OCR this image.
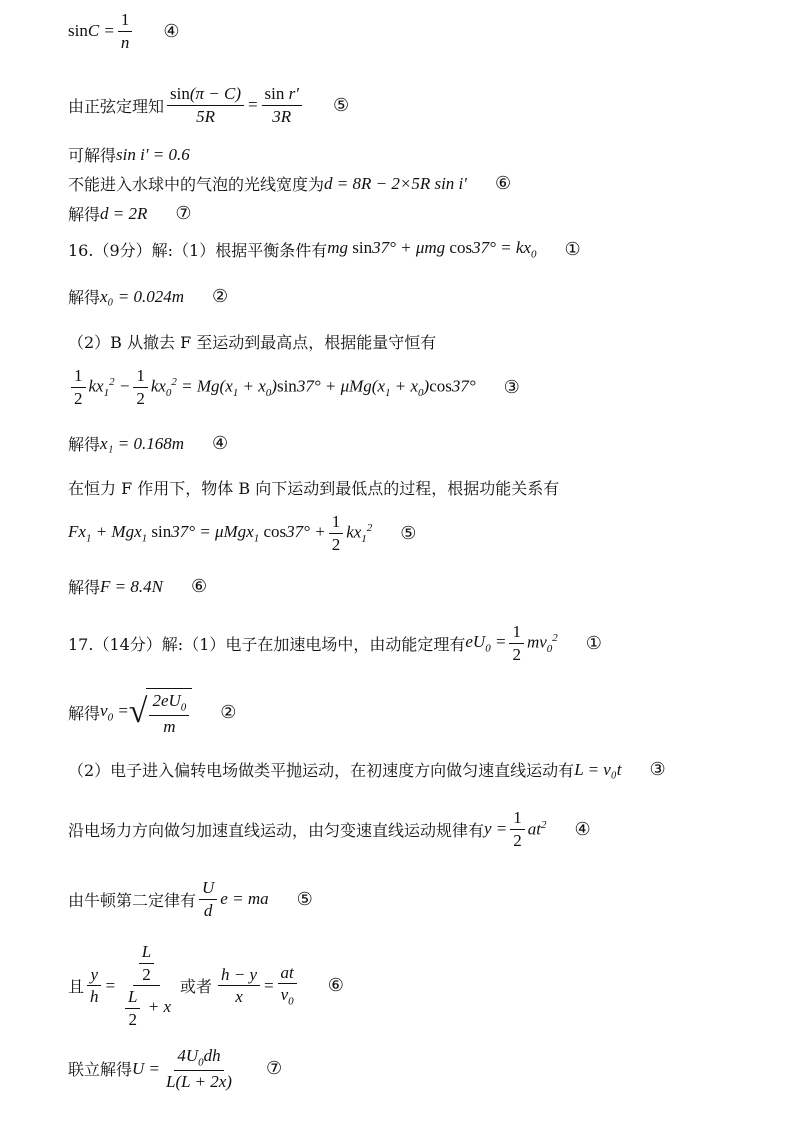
$\sin C = \frac{1}{n}$ ④
由正弦定理知 $\frac{\sin(\pi - C)}{5R} = \frac{\text{sin r′}}{3R}$ ⑤
可解得 sin i′ = 0.6
不能进入水球中的气泡的光线宽度为 d = 8R − 2×5R sin i′ ⑥
解得 d = 2R ⑦
16.（9分）解:（1）根据平衡条件有 mg sin37° + μmg $\cos 37^\circ = kx_0$ ①
解得 x₀ = 0.024m ②
（2）B 从撤去 F 至运动到最高点，根据能量守恒有
$\frac{1}{2} kx_1^2 - \frac{1}{2} kx_0^2 = Mg(x_1 + x_0)\sin 37^\circ + \mu Mg(x_1 + x_0)\cos 37^\circ$ ③
解得 x₁ = 0.168m ④
在恒力 F 作用下，物体 B 向下运动到最低点的过程，根据功能关系有
$Fx_1 + Mgx_1$ sin37° = μMgx$_1$ $\cos 37^\circ + \frac{1}{2} kx_1^2$ ⑤
解得 F = 8.4N ⑥
17.（14分）解:（1）电子在加速电场中，由动能定理有 $eU_0 = \frac{1}{2} mv_0^2$ ①
解得 $v_0$ = √ $\frac{2eU_0}{m}$ ②
（2）电子进入偏转电场做类平抛运动，在初速度方向做匀速直线运动有 L = v₀t ③
沿电场力方向做匀加速直线运动，由匀变速直线运动规律有 $y = \frac{1}{2} at^2$ ④
由牛顿第二定律有 $\frac{U}{d}$ e = ma ⑤
且 $\frac{y}{h} = \frac{\frac{L}{2}}{\frac{L}{2} + x}$ 或者 $\frac{h - y}{x} = \frac{at}{v_0}$ ⑥
联立解得 $U = \frac{4U_0dh}{L(L + 2x)}$ ⑦
